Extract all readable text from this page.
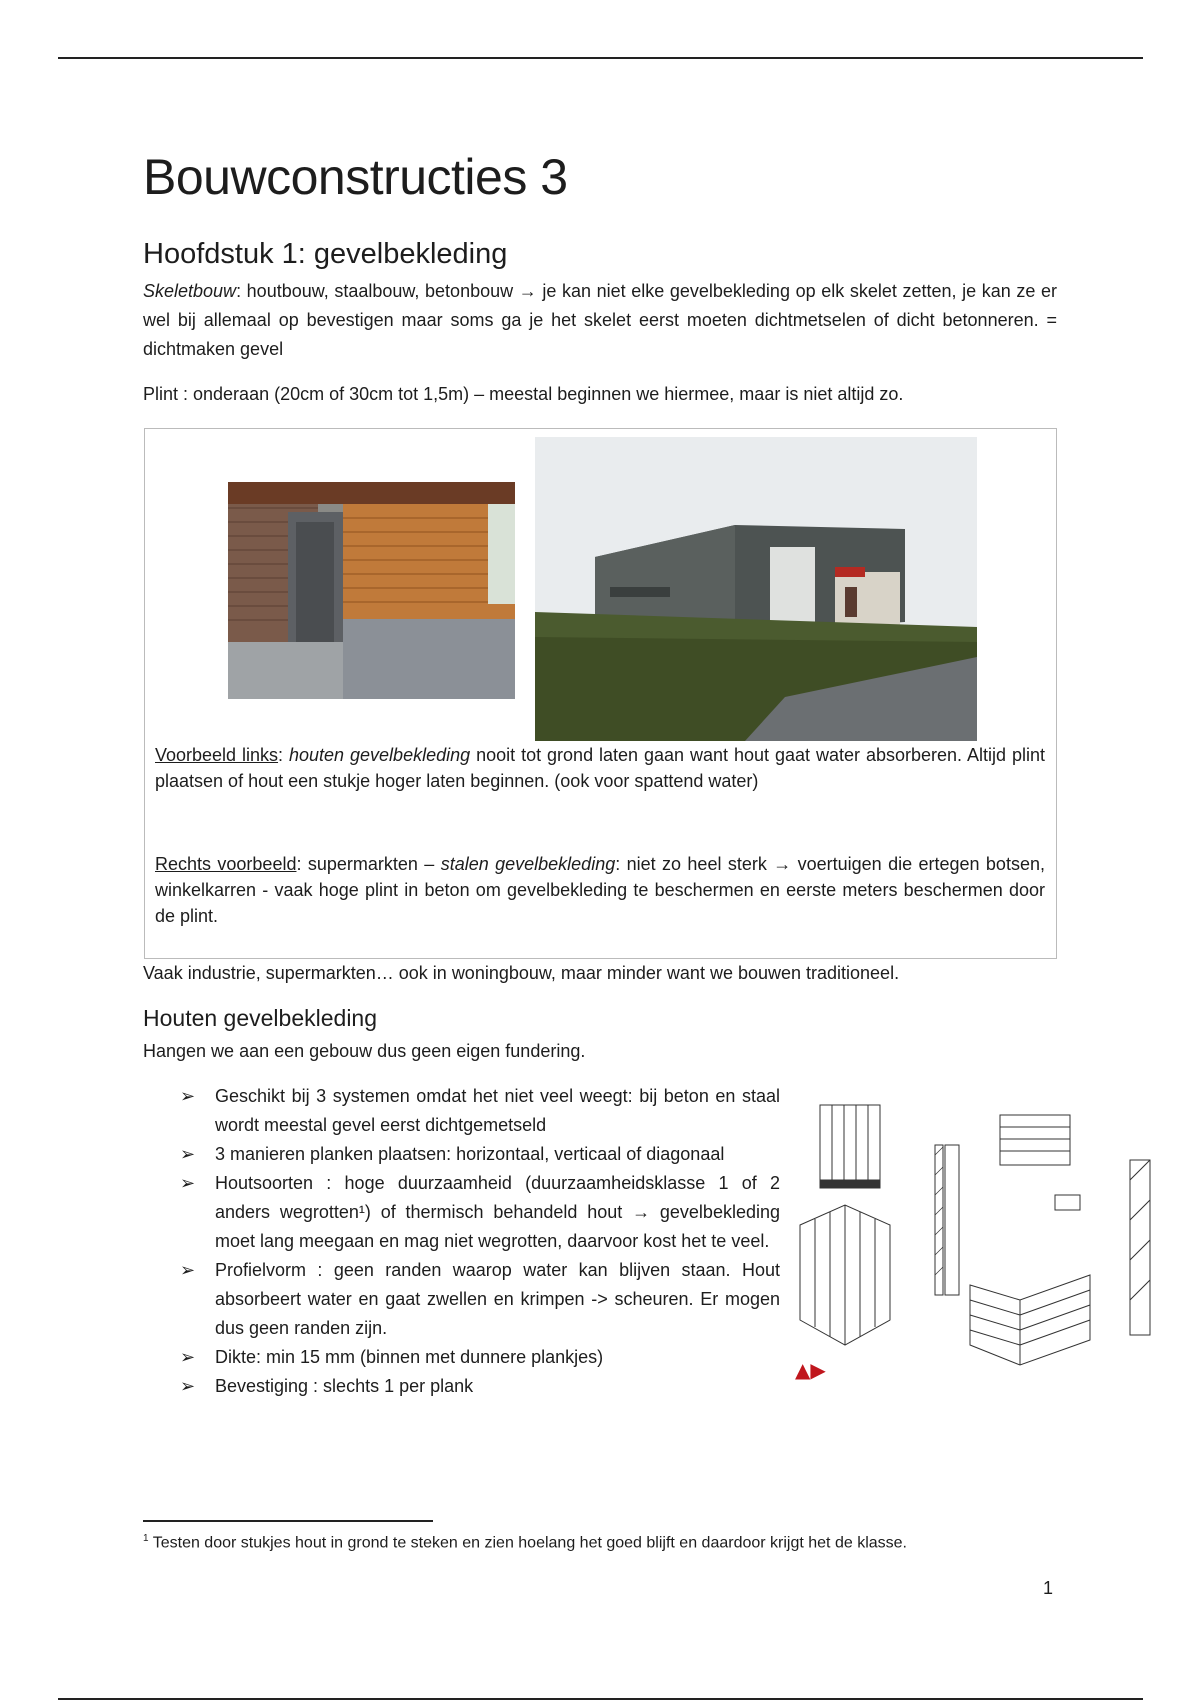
Bouwconstructies 3
Hoofdstuk 1: gevelbekleding

Skeletbouw: houtbouw, staalbouw, betonbouw → je kan niet elke gevelbekleding op elk skelet zetten, je kan ze er wel bij allemaal op bevestigen maar soms ga je het skelet eerst moeten dichtmetselen of dicht betonneren. = dichtmaken gevel

Plint : onderaan (20cm of 30cm tot 1,5m) – meestal beginnen we hiermee, maar is niet altijd zo.

Voorbeeld links: houten gevelbekleding nooit tot grond laten gaan want hout gaat water absorberen. Altijd plint plaatsen of hout een stukje hoger laten beginnen. (ook voor spattend water)

Rechts voorbeeld: supermarkten – stalen gevelbekleding: niet zo heel sterk → voertuigen die ertegen botsen, winkelkarren - vaak hoge plint in beton om gevelbekleding te beschermen en eerste meters beschermen door de plint.

Vaak industrie, supermarkten… ook in woningbouw, maar minder want we bouwen traditioneel.

Houten gevelbekleding

Hangen we aan een gebouw dus geen eigen fundering.

➢ Geschikt bij 3 systemen omdat het niet veel weegt: bij beton en staal wordt meestal gevel eerst dichtgemetseld
➢ 3 manieren planken plaatsen: horizontaal, verticaal of diagonaal
➢ Houtsoorten : hoge duurzaamheid (duurzaamheidsklasse 1 of 2 anders wegrotten¹) of thermisch behandeld hout → gevelbekleding moet lang meegaan en mag niet wegrotten, daarvoor kost het te veel.
➢ Profielvorm : geen randen waarop water kan blijven staan. Hout absorbeert water en gaat zwellen en krimpen -> scheuren. Er mogen dus geen randen zijn.
➢ Dikte: min 15 mm (binnen met dunnere plankjes)
➢ Bevestiging : slechts 1 per plank
▲▶

$^1$ Testen door stukjes hout in grond te steken en zien hoelang het goed blijft en daardoor krijgt het de klasse.

1
